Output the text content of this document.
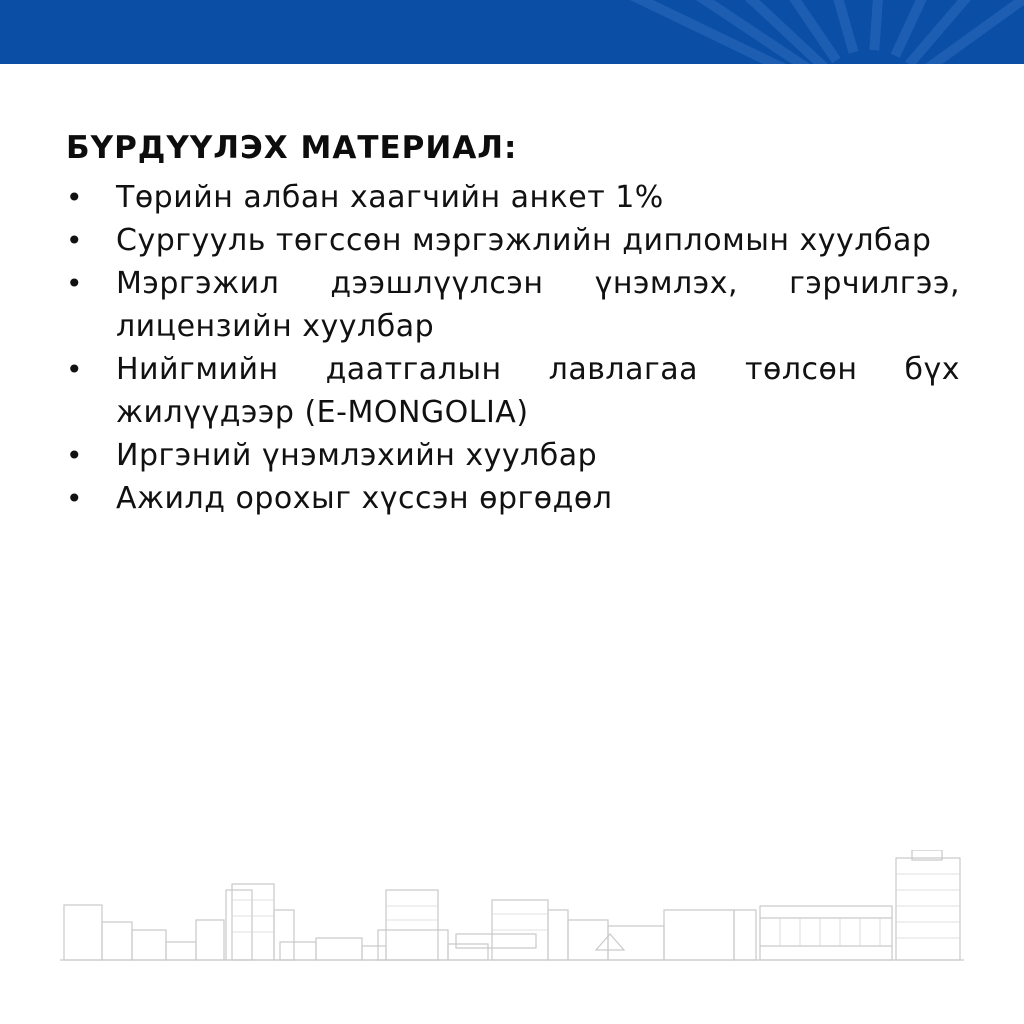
БҮРДҮҮЛЭХ МАТЕРИАЛ:
• Төрийн албан хаагчийн анкет 1%
• Сургууль төгссөн мэргэжлийн дипломын хуулбар
• Мэргэжил дээшлүүлсэн үнэмлэх, гэрчилгээ, лицензийн хуулбар
• Нийгмийн даатгалын лавлагаа төлсөн бүх жилүүдээр (E-MONGOLIA)
• Иргэний үнэмлэхийн хуулбар
• Ажилд орохыг хүссэн өргөдөл
